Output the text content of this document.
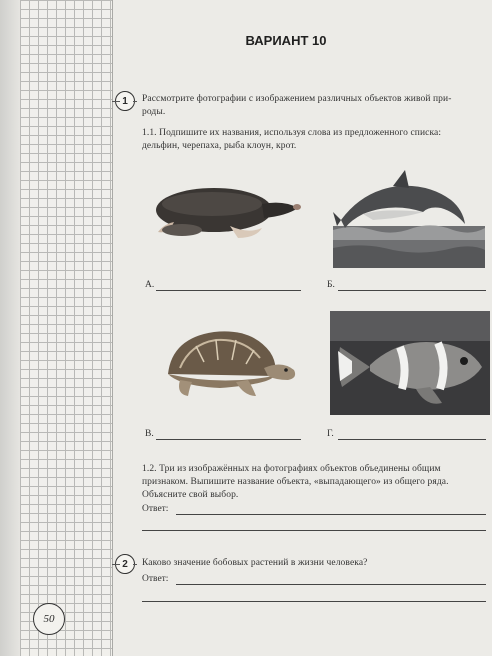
ВАРИАНТ 10
1	Рассмотрите фотографии с изображением различных объектов живой при-
роды.
1.1. Подпишите их названия, используя слова из предложенного списка:
дельфин, черепаха, рыба клоун, крот.
А.	Б.
В.	Г.
1.2. Три из изображённых на фотографиях объектов объединены общим
признаком. Выпишите название объекта, «выпадающего» из общего ряда.
Объясните свой выбор.
Ответ:
2	Каково значение бобовых растений в жизни человека?
Ответ:
50
